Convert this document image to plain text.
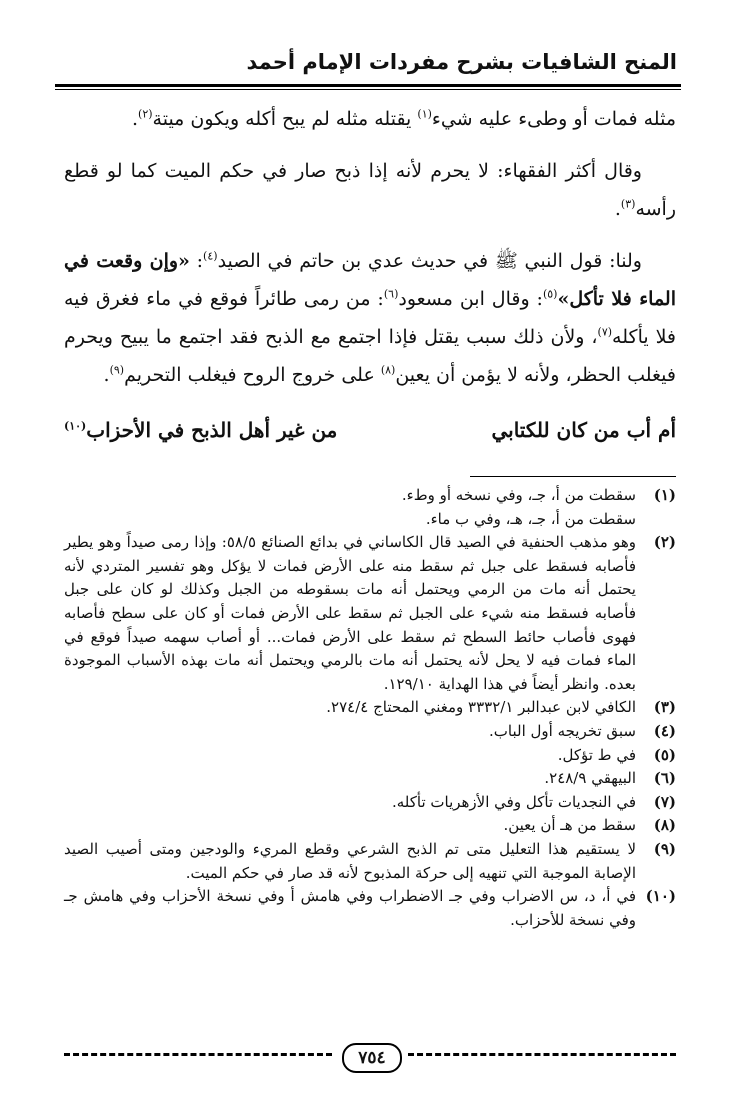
المنح الشافيات بشرح مفردات الإمام أحمد

مثله فمات أو وطىء عليه شيء$^{(١)}$ يقتله مثله لم يبح أكله ويكون ميتة$^{(٢)}$.

وقال أكثر الفقهاء: لا يحرم لأنه إذا ذبح صار في حكم الميت كما لو قطع رأسه$^{(٣)}$.

ولنا: قول النبي ﷺ في حديث عدي بن حاتم في الصيد$^{(٤)}$: «وإن وقعت في الماء فلا تأكل»$^{(٥)}$: وقال ابن مسعود$^{(٦)}$: من رمى طائراً فوقع في ماء فغرق فيه فلا يأكله$^{(٧)}$، ولأن ذلك سبب يقتل فإذا اجتمع مع الذبح فقد اجتمع ما يبيح ويحرم فيغلب الحظر، ولأنه لا يؤمن أن يعين$^{(٨)}$ على خروج الروح فيغلب التحريم$^{(٩)}$.

أم أب من كان للكتابي
من غير أهل الذبح في الأحزاب$^{(١٠)}$
(١)
سقطت من أ، جـ، وفي نسخه أو وطء.
سقطت من أ، جـ، هـ، وفي ب ماء.
(٢)
وهو مذهب الحنفية في الصيد قال الكاساني في بدائع الصنائع ٥٨/٥: وإذا رمى صيداً وهو يطير فأصابه فسقط على جبل ثم سقط منه على الأرض فمات لا يؤكل وهو تفسير المتردي لأنه يحتمل أنه مات من الرمي ويحتمل أنه مات بسقوطه من الجبل وكذلك لو كان على جبل فأصابه فسقط منه شيء على الجبل ثم سقط على الأرض فمات أو كان على سطح فأصابه فهوى فأصاب حائط السطح ثم سقط على الأرض فمات... أو أصاب سهمه صيداً فوقع في الماء فمات فيه لا يحل لأنه يحتمل أنه مات بالرمي ويحتمل أنه مات بهذه الأسباب الموجودة بعده. وانظر أيضاً في هذا الهداية ١٢٩/١٠.
(٣)
الكافي لابن عبدالبر ٣٣٣٢/١ ومغني المحتاج ٢٧٤/٤.
(٤)
سبق تخريجه أول الباب.
(٥)
في ط تؤكل.
(٦)
البيهقي ٢٤٨/٩.
(٧)
في النجديات تأكل وفي الأزهريات تأكله.
(٨)
سقط من هـ أن يعين.
(٩)
لا يستقيم هذا التعليل متى تم الذبح الشرعي وقطع المريء والودجين ومتى أصيب الصيد الإصابة الموجبة التي تنهيه إلى حركة المذبوح لأنه قد صار في حكم الميت.
(١٠)
في أ، د، س الاضراب وفي جـ الاضطراب وفي هامش أ وفي نسخة الأحزاب وفي هامش جـ وفي نسخة للأحزاب.
٧٥٤
